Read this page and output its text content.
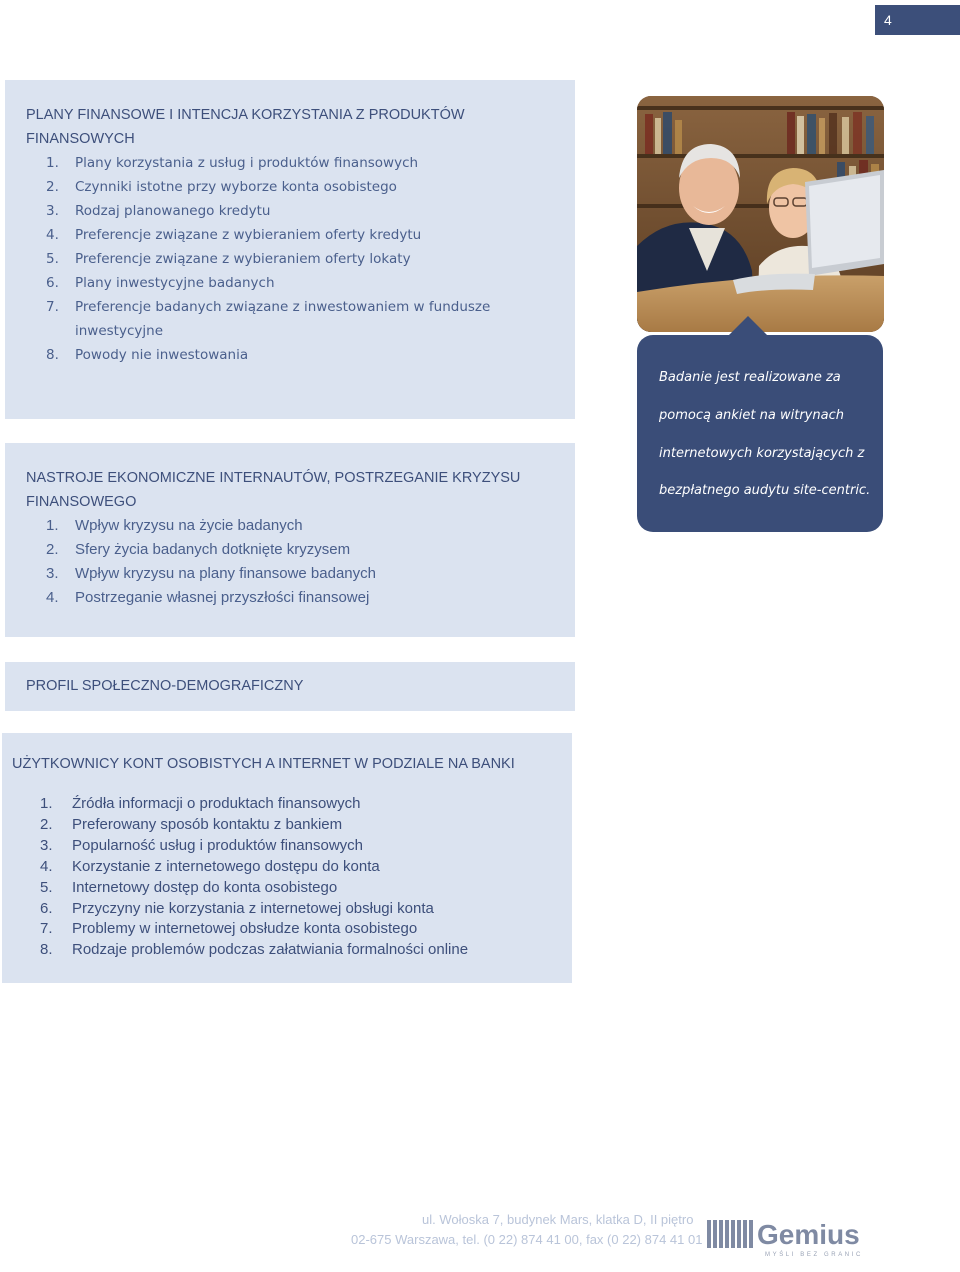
4
PLANY FINANSOWE I INTENCJA KORZYSTANIA Z PRODUKTÓW FINANSOWYCH
1. Plany korzystania z usług i produktów finansowych
2. Czynniki istotne przy wyborze konta osobistego
3. Rodzaj planowanego kredytu
4. Preferencje związane z wybieraniem oferty kredytu
5. Preferencje związane z wybieraniem oferty lokaty
6. Plany inwestycyjne badanych
7. Preferencje badanych związane z inwestowaniem w fundusze inwestycyjne
8. Powody nie inwestowania
NASTROJE EKONOMICZNE INTERNAUTÓW, POSTRZEGANIE KRYZYSU FINANSOWEGO
1. Wpływ kryzysu na życie badanych
2. Sfery życia badanych dotknięte kryzysem
3. Wpływ kryzysu na plany finansowe badanych
4. Postrzeganie własnej przyszłości finansowej
PROFIL SPOŁECZNO-DEMOGRAFICZNY
UŻYTKOWNICY KONT OSOBISTYCH A INTERNET W PODZIALE NA BANKI
1. Źródła informacji o produktach finansowych
2. Preferowany sposób kontaktu z bankiem
3. Popularność usług i produktów finansowych
4. Korzystanie z internetowego dostępu do konta
5. Internetowy dostęp do konta osobistego
6. Przyczyny nie korzystania z internetowej obsługi konta
7. Problemy w internetowej obsłudze konta osobistego
8. Rodzaje problemów podczas załatwiania formalności online

Badanie jest realizowane za pomocą ankiet na witrynach internetowych korzystających z bezpłatnego audytu site-centric.

ul. Wołoska 7, budynek Mars, klatka D, II piętro
02-675 Warszawa, tel. (0 22) 874 41 00, fax (0 22) 874 41 01 Gemius
MYŚLI BEZ GRANIC
